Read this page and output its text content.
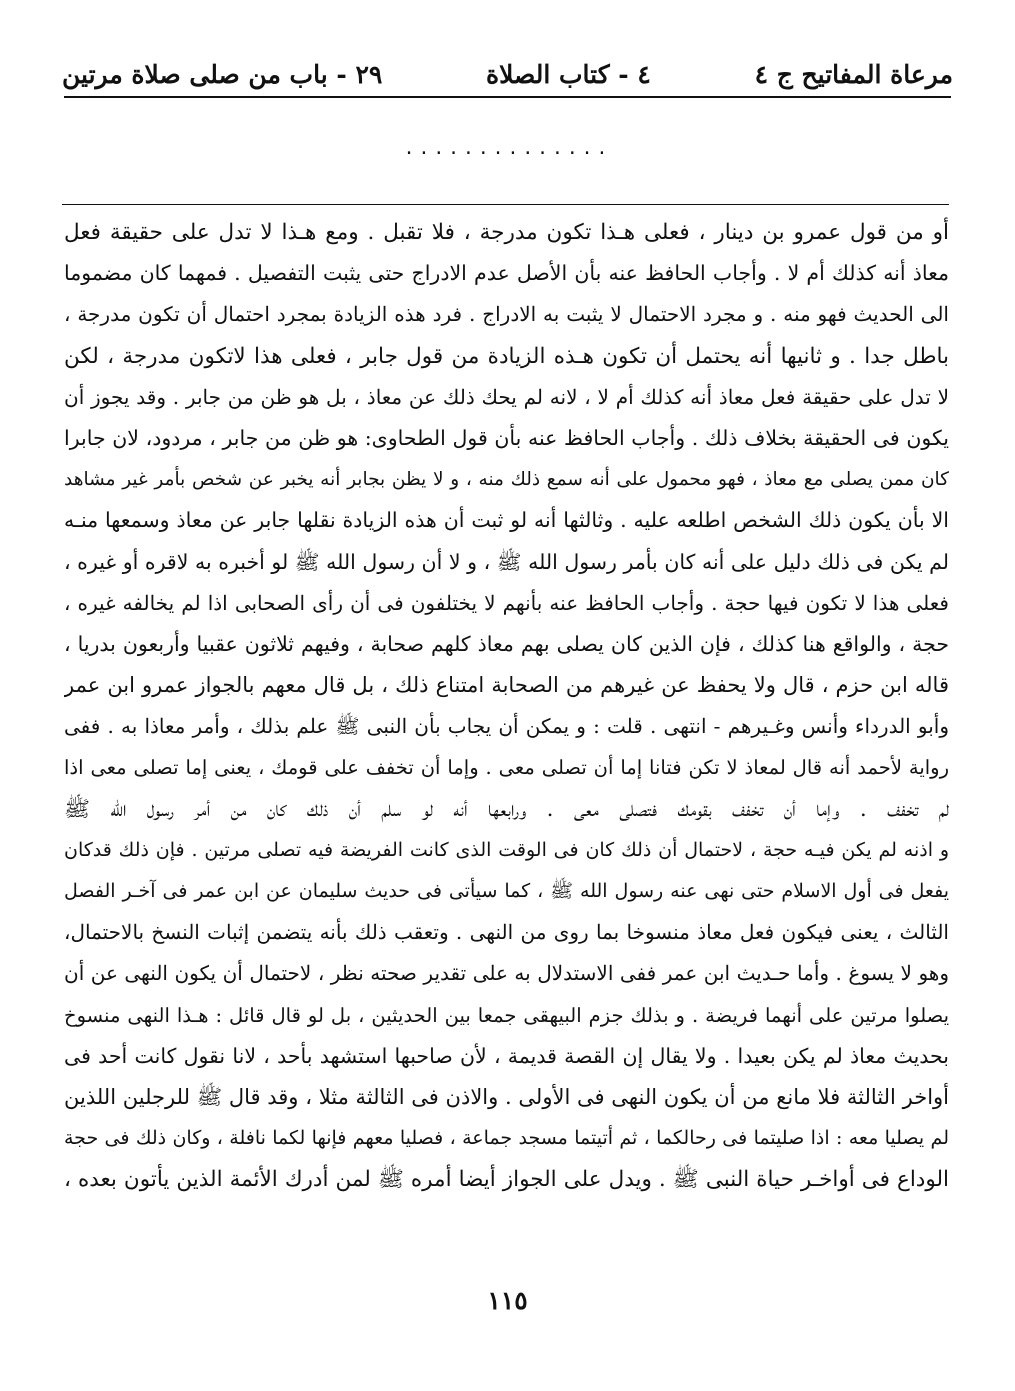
مرعاة المفاتيح ج ٤
٤ - كتاب الصلاة
٢٩ - باب من صلى صلاة مرتين
..............
أو من قول عمرو بن دينار ، فعلى هـذا تكون مدرجة ، فلا تقبل . ومع هـذا لا تدل على حقيقة فعل
معاذ أنه كذلك أم لا . وأجاب الحافظ عنه بأن الأصل عدم الادراج حتى يثبت التفصيل . فمهما كان مضموما
الى الحديث فهو منه . و مجرد الاحتمال لا يثبت به الادراج . فرد هذه الزيادة بمجرد احتمال أن تكون مدرجة ،
باطل جدا . و ثانيها أنه يحتمل أن تكون هـذه الزيادة من قول جابر ، فعلى هذا لاتكون مدرجة ، لكن
لا تدل على حقيقة فعل معاذ أنه كذلك أم لا ، لانه لم يحك ذلك عن معاذ ، بل هو ظن من جابر . وقد يجوز أن
يكون فى الحقيقة بخلاف ذلك . وأجاب الحافظ عنه بأن قول الطحاوى: هو ظن من جابر ، مردود، لان جابرا
كان ممن يصلى مع معاذ ، فهو محمول على أنه سمع ذلك منه ، و لا يظن بجابر أنه يخبر عن شخص بأمر غير مشاهد
الا بأن يكون ذلك الشخص اطلعه عليه . وثالثها أنه لو ثبت أن هذه الزيادة نقلها جابر عن معاذ وسمعها منـه
لم يكن فى ذلك دليل على أنه كان بأمر رسول الله ﷺ ، و لا أن رسول الله ﷺ لو أخبره به لاقره أو غيره ،
فعلى هذا لا تكون فيها حجة . وأجاب الحافظ عنه بأنهم لا يختلفون فى أن رأى الصحابى اذا لم يخالفه غيره ،
حجة ، والواقع هنا كذلك ، فإن الذين كان يصلى بهم معاذ كلهم صحابة ، وفيهم ثلاثون عقبيا وأربعون بدريا ،
قاله ابن حزم ، قال ولا يحفظ عن غيرهم من الصحابة امتناع ذلك ، بل قال معهم بالجواز عمرو ابن عمر
وأبو الدرداء وأنس وغـيرهم - انتهى . قلت : و يمكن أن يجاب بأن النبى ﷺ علم بذلك ، وأمر معاذا به . ففى
رواية لأحمد أنه قال لمعاذ لا تكن فتانا إما أن تصلى معى . وإما أن تخفف على قومك ، يعنى إما تصلى معى اذا
لم تخفف . وإما أن تخفف بقومك فتصلى معى . ورابعها أنه لو سلم أن ذلك كان من أمر رسول الله ﷺ
و اذنه لم يكن فيـه حجة ، لاحتمال أن ذلك كان فى الوقت الذى كانت الفريضة فيه تصلى مرتين . فإن ذلك قدكان
يفعل فى أول الاسلام حتى نهى عنه رسول الله ﷺ ، كما سيأتى فى حديث سليمان عن ابن عمر فى آخـر الفصل
الثالث ، يعنى فيكون فعل معاذ منسوخا بما روى من النهى . وتعقب ذلك بأنه يتضمن إثبات النسخ بالاحتمال،
وهو لا يسوغ . وأما حـديث ابن عمر ففى الاستدلال به على تقدير صحته نظر ، لاحتمال أن يكون النهى عن أن
يصلوا مرتين على أنهما فريضة . و بذلك جزم البيهقى جمعا بين الحديثين ، بل لو قال قائل : هـذا النهى منسوخ
بحديث معاذ لم يكن بعيدا . ولا يقال إن القصة قديمة ، لأن صاحبها استشهد بأحد ، لانا نقول كانت أحد فى
أواخر الثالثة فلا مانع من أن يكون النهى فى الأولى . والاذن فى الثالثة مثلا ، وقد قال ﷺ للرجلين اللذين
لم يصليا معه : اذا صليتما فى رحالكما ، ثم أتيتما مسجد جماعة ، فصليا معهم فإنها لكما نافلة ، وكان ذلك فى حجة
الوداع فى أواخـر حياة النبى ﷺ . ويدل على الجواز أيضا أمره ﷺ لمن أدرك الأئمة الذين يأتون بعده ،
١١٥
